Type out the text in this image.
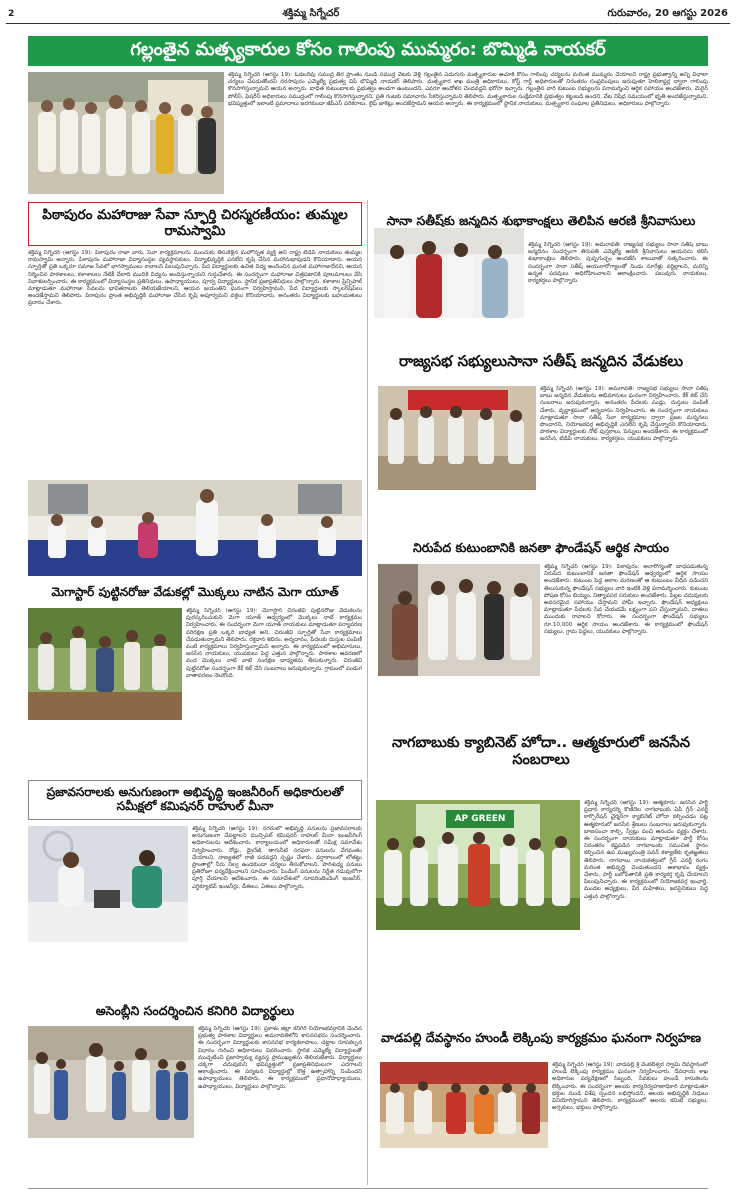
2	శక్తిమ్మ సిగ్నేచర్	గురువారం, 20 ఆగస్టు 2026
గల్లంతైన మత్స్యకారుల కోసం గాలింపు ముమ్మరం: బొమ్మిడి నాయకర్
శక్తిమ్మ సిగ్నేచర్ (ఆగస్టు 19): ఓడలరేవు సముద్ర తీర ప్రాంతం నుండి సముద్ర వేటకు వెళ్లి గల్లంతైన ఏడుగురు మత్స్యకారుల ఆచూకీ కోసం గాలింపు చర్యలను మరింత ముమ్మరం చేయాలని రాష్ట్ర ప్రభుత్వాన్ని అన్ని విధాలా చర్యలు చేపడుతోందని నరసాపురం ఎమ్మెల్యే ప్రభుత్వ విప్ బొమ్మిడి నాయకర్ తెలిపారు. మత్స్యకార శాఖ మంత్రి అధికారులు, కోస్ట్ గార్డ్ అధికారులతో నిరంతరం సంప్రదింపులు జరుపుతూ హెలికాప్టర్ల ద్వారా గాలింపు కొనసాగిస్తున్నామని ఆయన అన్నారు. బాధిత కుటుంబాలకు ప్రభుత్వం అండగా ఉంటుందని, ఎవరూ ఆందోళన చెందవద్దని భరోసా ఇచ్చారు. గల్లంతైన వారి కుటుంబ సభ్యులను పరామర్శించి ఆర్థిక సహాయం అందజేశారు. మెరైన్ పోలీస్, ఫిషరీస్ అధికారులు సముద్రంలో గాలింపు కొనసాగిస్తున్నారని, ప్రతి గంటకు సమాచారం సేకరిస్తున్నామని తెలిపారు. మత్స్యకారుల సంక్షేమానికి ప్రభుత్వం కట్టుబడి ఉందని, వేట నిషేధ సమయంలో భృతి అందజేస్తున్నామని, భవిష్యత్తులో ఇలాంటి ప్రమాదాలు జరగకుండా జీపీఎస్ పరికరాలు, లైఫ్ జాకెట్లు అందజేస్తామని ఆయన అన్నారు. ఈ కార్యక్రమంలో స్థానిక నాయకులు, మత్స్యకార సంఘాల ప్రతినిధులు, అధికారులు పాల్గొన్నారు.
పిఠాపురం మహారాజు సేవా స్ఫూర్తి చిరస్మరణీయం: తుమ్మల రామస్వామి
శక్తిమ్మ సిగ్నేచర్ (ఆగస్టు 19): పిఠాపురం రాజా వారు, సేవా కార్యక్రమాలను ముందుకు తీసుకెళ్లిన మహోన్నత వ్యక్తి అని రాష్ట్ర టిడిపి నాయకులు తుమ్మల రామస్వామి అన్నారు. పిఠాపురం మహారాజా విద్యాసంస్థల వ్యవస్థాపకులు, విద్యాభివృద్ధికి ఎనలేని కృషి చేసిన మహానుభావుడని కొనియాడారు. ఆయన స్ఫూర్తితో ప్రతి ఒక్కరూ సమాజ సేవలో భాగస్వాములు కావాలని పిలుపునిచ్చారు. పేద విద్యార్థులకు ఉచిత విద్య అందించిన ఘనత మహారాజుదేనని, ఆయన నిర్మించిన పాఠశాలలు, కళాశాలలు నేటికీ వేలాది మందికి విద్యను అందిస్తున్నాయని గుర్తుచేశారు. ఈ సందర్భంగా మహారాజు చిత్రపటానికి పూలమాలలు వేసి నివాళులర్పించారు. ఈ కార్యక్రమంలో విద్యాసంస్థల ప్రతినిధులు, ఉపాధ్యాయులు, పూర్వ విద్యార్థులు, స్థానిక ప్రజాప్రతినిధులు పాల్గొన్నారు. కళాశాల ప్రిన్సిపాల్ మాట్లాడుతూ మహారాజు సేవలను భావితరాలకు తెలియజేయాలని, ఆయన జయంతిని ఘనంగా నిర్వహిస్తామని, పేద విద్యార్థులకు స్కాలర్‌షిప్‌లు అందజేస్తామని తెలిపారు. పిఠాపురం ప్రాంత అభివృద్ధికి మహారాజు చేసిన కృషి అపూర్వమని వక్తలు కొనియాడారు. అనంతరం విద్యార్థులకు బహుమతులు ప్రదానం చేశారు.
మెగాస్టార్ పుట్టినరోజు వేడుకల్లో మొక్కలు నాటిన మెగా యూత్
శక్తిమ్మ సిగ్నేచర్ (ఆగస్టు 19): మెగాస్టార్ చిరంజీవి పుట్టినరోజు వేడుకలను పురస్కరించుకుని మెగా యూత్ ఆధ్వర్యంలో మొక్కలు నాటే కార్యక్రమం నిర్వహించారు. ఈ సందర్భంగా మెగా యూత్ నాయకులు మాట్లాడుతూ పర్యావరణ పరిరక్షణ ప్రతి ఒక్కరి బాధ్యత అని, చిరంజీవి స్ఫూర్తితో సేవా కార్యక్రమాలు చేపడుతున్నామని తెలిపారు. రక్తదాన శిబిరం, అన్నదానం, పేదలకు దుస్తుల పంపిణీ వంటి కార్యక్రమాలు నిర్వహిస్తున్నామని అన్నారు. ఈ కార్యక్రమంలో అభిమానులు, జనసేన నాయకులు, యువకులు పెద్ద ఎత్తున పాల్గొన్నారు. పాఠశాల ఆవరణలో వంద మొక్కలు నాటి వాటి సంరక్షణ బాధ్యతను తీసుకున్నారు. చిరంజీవి పుట్టినరోజు సందర్భంగా కేక్ కట్ చేసి సంబరాలు జరుపుకున్నారు. గ్రామంలో పండుగ వాతావరణం నెలకొంది.
ప్రజావసరాలకు అనుగుణంగా అభివృద్ధి ఇంజనీరింగ్ అధికారులతో సమీక్షలో కమిషనర్ రాహుల్ మీనా
శక్తిమ్మ సిగ్నేచర్ (ఆగస్టు 19): నగరంలో అభివృద్ధి పనులను ప్రజావసరాలకు అనుగుణంగా చేపట్టాలని మున్సిపల్ కమిషనర్ రాహుల్ మీనా ఇంజనీరింగ్ అధికారులను ఆదేశించారు. కార్యాలయంలో అధికారులతో సమీక్ష సమావేశం నిర్వహించారు. రోడ్లు, డ్రైనేజీ, తాగునీటి సరఫరా పనులను వేగవంతం చేయాలని, నాణ్యతలో రాజీ పడవద్దని స్పష్టం చేశారు. వర్షాకాలంలో లోతట్టు ప్రాంతాల్లో నీరు నిల్వ ఉండకుండా చర్యలు తీసుకోవాలని, పారిశుధ్య పనులు ప్రతిరోజూ పర్యవేక్షించాలని సూచించారు. పెండింగ్ పనులను నిర్ణీత గడువులోగా పూర్తి చేయాలని ఆదేశించారు. ఈ సమావేశంలో సూపరింటెండింగ్ ఇంజనీర్, ఎగ్జిక్యూటివ్ ఇంజనీర్లు, డీఈలు, ఏఈలు పాల్గొన్నారు.
అసెంబ్లీని సందర్శించిన కనిగిరి విద్యార్థులు
శక్తిమ్మ సిగ్నేచర్ (ఆగస్టు 19): ప్రకాశం జిల్లా కనిగిరి నియోజకవర్గానికి చెందిన ప్రభుత్వ పాఠశాల విద్యార్థులు అమరావతిలోని శాసనసభను సందర్శించారు. ఈ సందర్భంగా విద్యార్థులకు శాసనసభ కార్యకలాపాలు, చట్టాల రూపకల్పన విధానం గురించి అధికారులు వివరించారు. స్థానిక ఎమ్మెల్యే విద్యార్థులతో ముచ్చటించి ప్రజాస్వామ్య వ్యవస్థ ప్రాముఖ్యతను తెలియజేశారు. విద్యార్థులు చక్కగా చదువుకుని భవిష్యత్తులో ప్రజాప్రతినిధులుగా ఎదగాలని ఆకాంక్షించారు. ఈ పర్యటన విద్యార్థుల్లో కొత్త ఉత్సాహాన్ని నింపిందని ఉపాధ్యాయులు తెలిపారు. ఈ కార్యక్రమంలో ప్రధానోపాధ్యాయులు, ఉపాధ్యాయులు, విద్యార్థులు పాల్గొన్నారు.
సానా సతీష్‌కు జన్మదిన శుభాకాంక్షలు తెలిపిన ఆరణి శ్రీనివాసులు
శక్తిమ్మ సిగ్నేచర్ (ఆగస్టు 19): అమరావతి: రాజ్యసభ సభ్యులు సానా సతీష్ బాబు జన్మదినం సందర్భంగా తిరుపతి ఎమ్మెల్యే ఆరణి శ్రీనివాసులు ఆయనను కలిసి శుభాకాంక్షలు తెలిపారు. పుష్పగుచ్ఛం అందజేసి శాలువాతో సత్కరించారు. ఈ సందర్భంగా సానా సతీష్ ఆయురారోగ్యాలతో నిండు నూరేళ్లు వర్ధిల్లాలని, మరిన్ని ఉన్నత పదవులు అధిరోహించాలని ఆకాంక్షించారు. పలువురు నాయకులు, కార్యకర్తలు పాల్గొన్నారు.
రాజ్యసభ సభ్యులుసానా సతీష్ జన్మదిన వేడుకలు
శక్తిమ్మ సిగ్నేచర్ (ఆగస్టు 19): అమరావతి: రాజ్యసభ సభ్యులు సానా సతీష్ బాబు జన్మదిన వేడుకలను అభిమానులు ఘనంగా నిర్వహించారు. కేక్ కట్ చేసి సంబరాలు జరుపుకున్నారు. అనంతరం పేదలకు పండ్లు, దుస్తులు పంపిణీ చేశారు. వృద్ధాశ్రమంలో అన్నదానం నిర్వహించారు. ఈ సందర్భంగా నాయకులు మాట్లాడుతూ సానా సతీష్ సేవా కార్యక్రమాల ద్వారా ప్రజల మన్ననలు పొందారని, నియోజకవర్గ అభివృద్ధికి ఎనలేని కృషి చేస్తున్నారని కొనియాడారు. పాఠశాల విద్యార్థులకు నోట్ పుస్తకాలు, పెన్నులు అందజేశారు. ఈ కార్యక్రమంలో జనసేన, టిడిపి నాయకులు, కార్యకర్తలు, యువకులు పాల్గొన్నారు.
నిరుపేద కుటుంబానికి జనతా ఫౌండేషన్ ఆర్థిక సాయం
శక్తిమ్మ సిగ్నేచర్ (ఆగస్టు 19): పిఠాపురం: అనారోగ్యంతో బాధపడుతున్న నిరుపేద కుటుంబానికి జనతా ఫౌండేషన్ ఆధ్వర్యంలో ఆర్థిక సాయం అందజేశారు. కుటుంబ పెద్ద అకాల మరణంతో ఆ కుటుంబం వీధిన పడిందని తెలుసుకున్న ఫౌండేషన్ సభ్యులు వారి ఇంటికి వెళ్లి పరామర్శించారు. కుటుంబ పోషణ కోసం బియ్యం, నిత్యావసర సరుకులు అందజేశారు. పిల్లల చదువులకు అవసరమైన సహాయం చేస్తామని హామీ ఇచ్చారు. ఫౌండేషన్ అధ్యక్షులు మాట్లాడుతూ పేదలకు సేవ చేయడమే లక్ష్యంగా పని చేస్తున్నామని, దాతలు ముందుకు రావాలని కోరారు. ఈ సందర్భంగా ఫౌండేషన్ సభ్యులు రూ.10,000 ఆర్థిక సాయం అందజేశారు. ఈ కార్యక్రమంలో ఫౌండేషన్ సభ్యులు, గ్రామ పెద్దలు, యువకులు పాల్గొన్నారు.
నాగబాబుకు క్యాబినెట్ హోదా.. ఆత్మకూరులో జనసేన సంబరాలు
AP GREEN
శక్తిమ్మ సిగ్నేచర్ (ఆగస్టు 19): ఆత్మకూరు: జనసేన పార్టీ ప్రధాన కార్యదర్శి కొణిదెల నాగబాబుకు ఏపీ గ్రీన్ ఎనర్జీ కార్పొరేషన్ ఛైర్మన్‌గా క్యాబినెట్ హోదా కల్పించడం పట్ల ఆత్మకూరులో జనసేన శ్రేణులు సంబరాలు జరుపుకున్నారు. బాణసంచా కాల్చి, స్వీట్లు పంచి ఆనందం వ్యక్తం చేశారు. ఈ సందర్భంగా నాయకులు మాట్లాడుతూ పార్టీ కోసం నిరంతరం కష్టపడిన నాగబాబుకు సముచిత స్థానం కల్పించిన ఉప ముఖ్యమంత్రి పవన్ కళ్యాణ్‌కు కృతజ్ఞతలు తెలిపారు. నాగబాబు నాయకత్వంలో గ్రీన్ ఎనర్జీ రంగం మరింత అభివృద్ధి చెందుతుందని ఆశాభావం వ్యక్తం చేశారు. పార్టీ బలోపేతానికి ప్రతి కార్యకర్త కృషి చేయాలని పిలుపునిచ్చారు. ఈ కార్యక్రమంలో నియోజకవర్గ ఇంఛార్జి, మండల అధ్యక్షులు, వీర మహిళలు, జనసైనికులు పెద్ద ఎత్తున పాల్గొన్నారు.
వాడపల్లి దేవస్థానం హుండీ లెక్కింపు కార్యక్రమం ఘనంగా నిర్వహణ
శక్తిమ్మ సిగ్నేచర్ (ఆగస్టు 19): వాడపల్లి శ్రీ వేంకటేశ్వర స్వామి దేవస్థానంలో హుండీ లెక్కింపు కార్యక్రమం ఘనంగా నిర్వహించారు. దేవదాయ శాఖ అధికారుల పర్యవేక్షణలో సిబ్బంది, సేవకులు హుండీ కానుకలను లెక్కించారు. ఈ సందర్భంగా ఆలయ కార్యనిర్వహణాధికారి మాట్లాడుతూ భక్తుల నుండి విశేష స్పందన లభిస్తోందని, ఆలయ అభివృద్ధికి నిధులు వినియోగిస్తామని తెలిపారు. కార్యక్రమంలో ఆలయ కమిటీ సభ్యులు, అర్చకులు, భక్తులు పాల్గొన్నారు.
